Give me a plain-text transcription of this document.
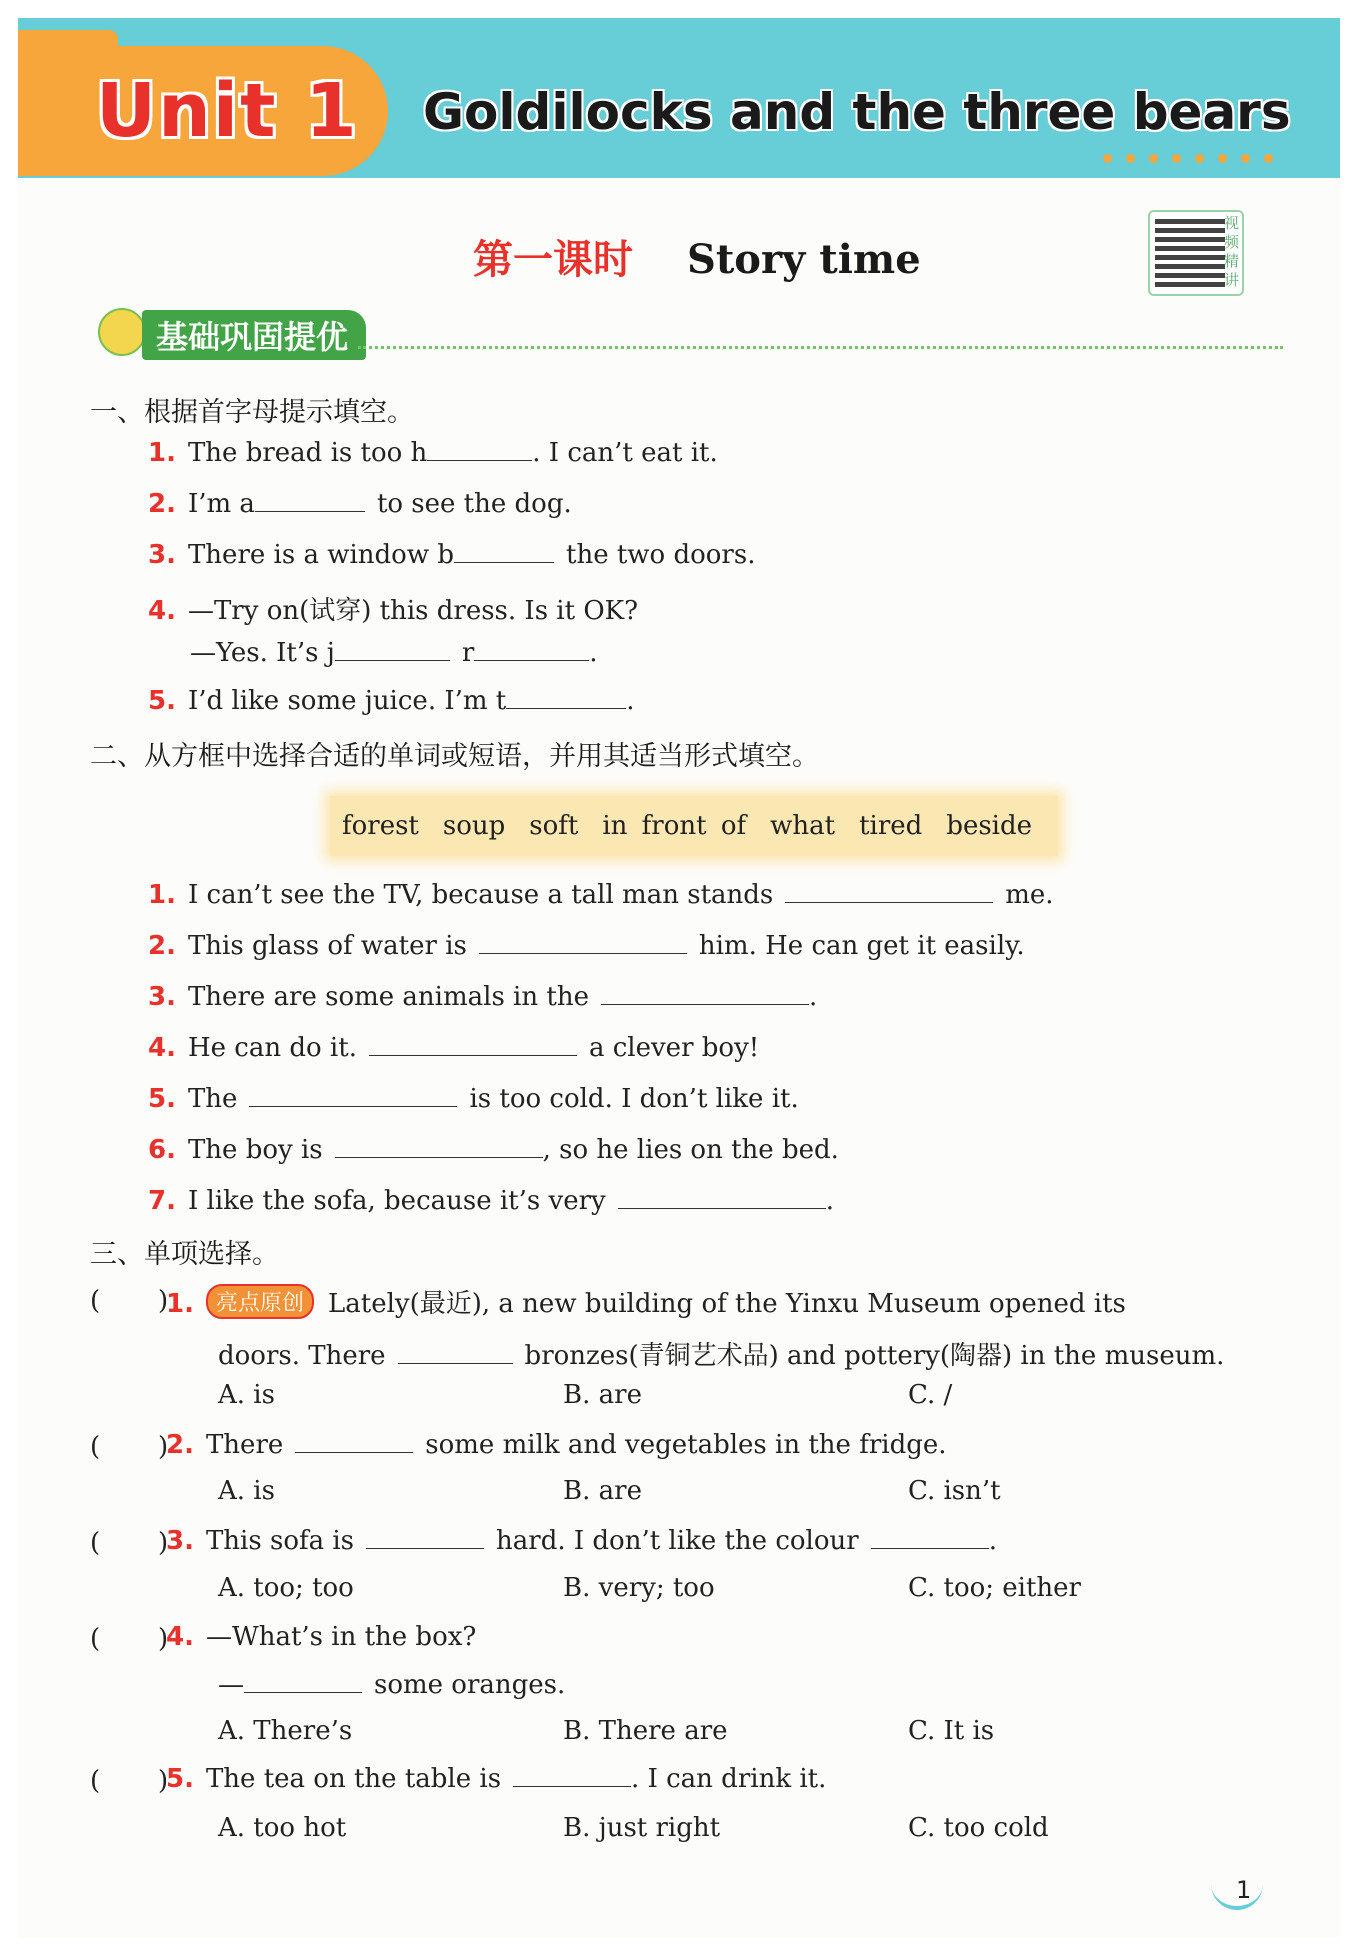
Unit 1 Goldilocks and the three bears
第一课时 Story time
视
频
精
讲
基础巩固提优
一、根据首字母提示填空。
1. The bread is too h	. I can’t eat it.
2. I’m a	to see the dog.
3. There is a window b	the two doors.
4. —Try on(试穿) this dress. Is it OK?
—Yes. It’s j	r	.
5. I’d like some juice. I’m t	.
二、从方框中选择合适的单词或短语，并用其适当形式填空。
forest soup soft in front of what tired beside
1. I can’t see the TV, because a tall man stands	me.
2. This glass of water is	him. He can get it easily.
3. There are some animals in the	.
4. He can do it.	a clever boy!
5. The	is too cold. I don’t like it.
6. The boy is	, so he lies on the bed.
7. I like the sofa, because it’s very	.
三、单项选择。
(       )
1. 亮点原创 Lately(最近), a new building of the Yinxu Museum opened its
doors. There	bronzes(青铜艺术品) and pottery(陶器) in the museum.
A. is	B. are	C. /
(       )
2. There	some milk and vegetables in the fridge.
A. is	B. are	C. isn’t
(       )
3. This sofa is	hard. I don’t like the colour	.
A. too; too	B. very; too	C. too; either
(       )
4. —What’s in the box?
—	some oranges.
A. There’s	B. There are	C. It is
(       )
5. The tea on the table is	. I can drink it.
A. too hot	B. just right	C. too cold
1
